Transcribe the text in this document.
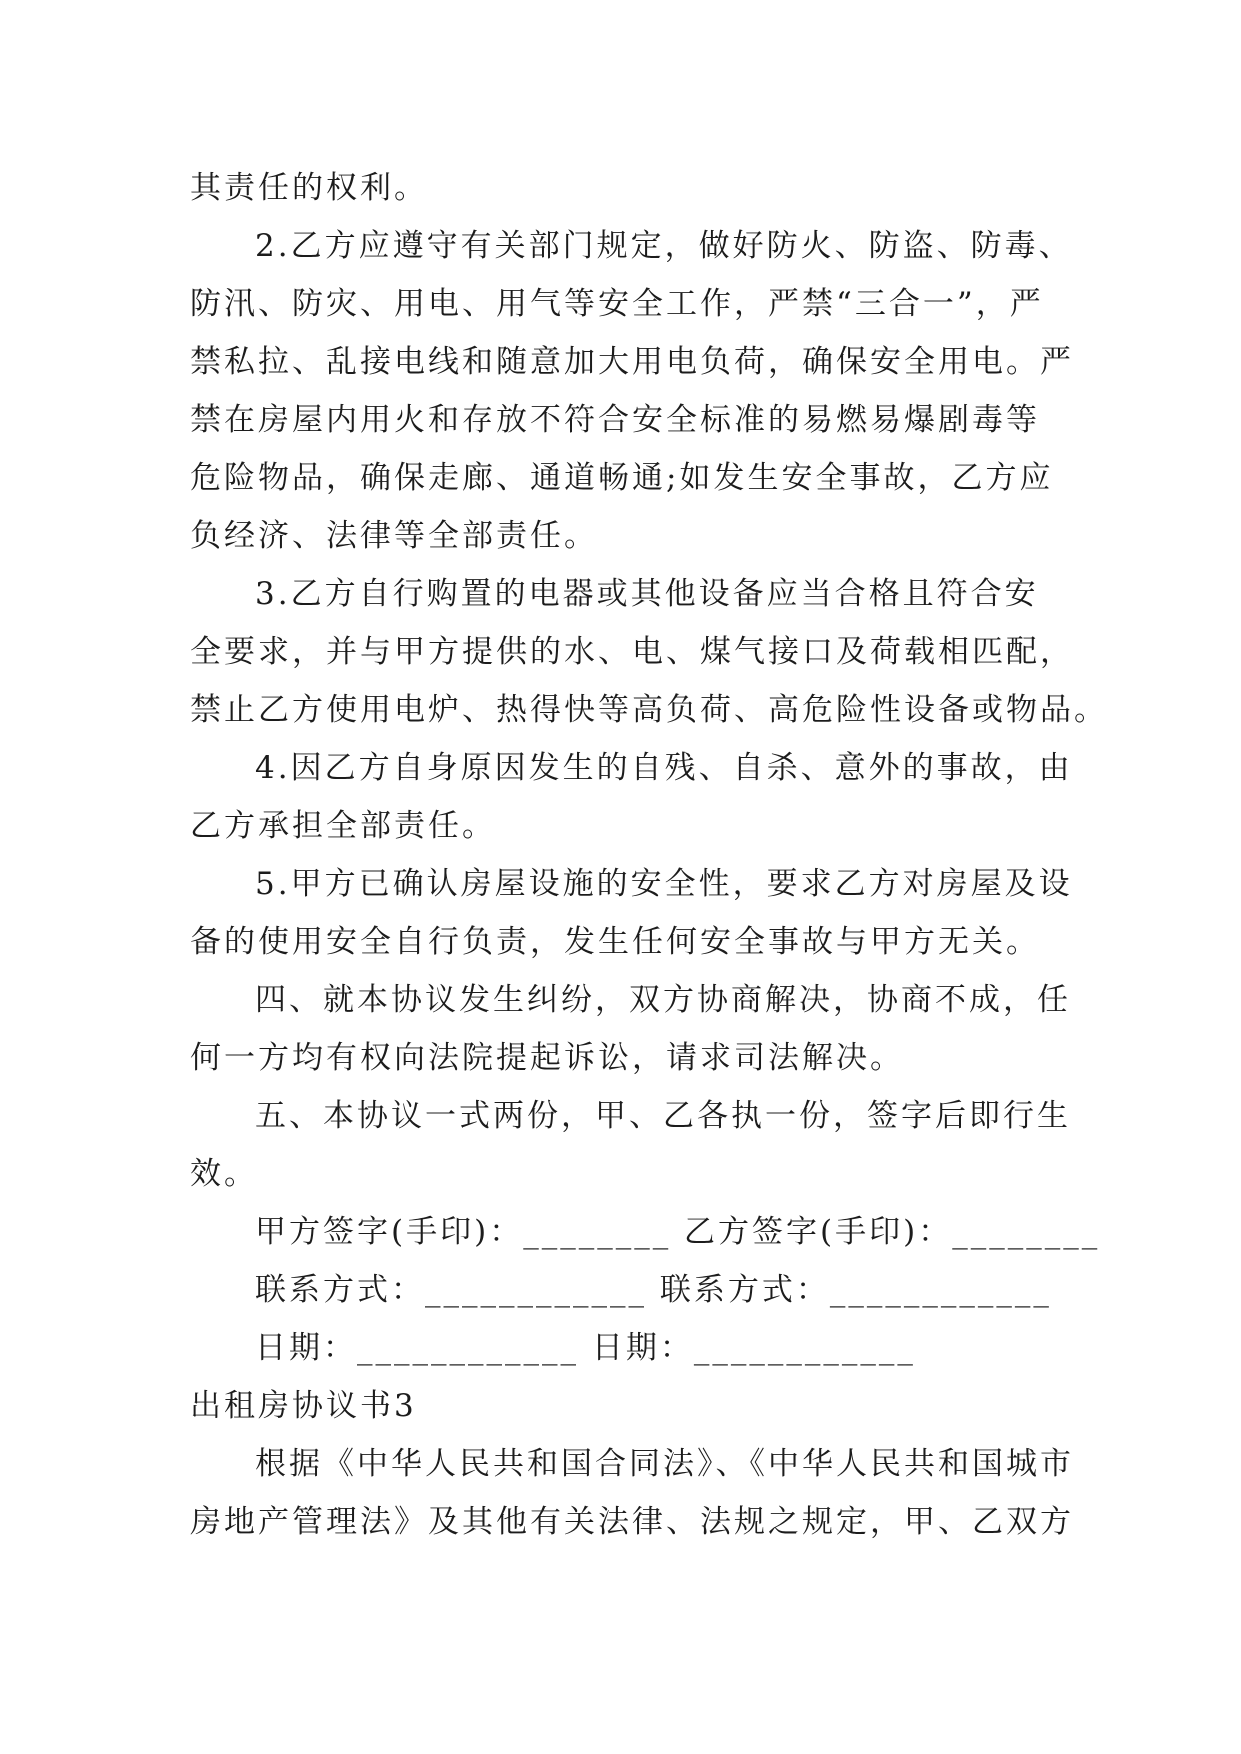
其责任的权利。
2.乙方应遵守有关部门规定，做好防火、防盗、防毒、
防汛、防灾、用电、用气等安全工作，严禁“三合一”，严
禁私拉、乱接电线和随意加大用电负荷，确保安全用电。严
禁在房屋内用火和存放不符合安全标准的易燃易爆剧毒等
危险物品，确保走廊、通道畅通;如发生安全事故，乙方应
负经济、法律等全部责任。
3.乙方自行购置的电器或其他设备应当合格且符合安
全要求，并与甲方提供的水、电、煤气接口及荷载相匹配，
禁止乙方使用电炉、热得快等高负荷、高危险性设备或物品。
4.因乙方自身原因发生的自残、自杀、意外的事故，由
乙方承担全部责任。
5.甲方已确认房屋设施的安全性，要求乙方对房屋及设
备的使用安全自行负责，发生任何安全事故与甲方无关。
四、就本协议发生纠纷，双方协商解决，协商不成，任
何一方均有权向法院提起诉讼，请求司法解决。
五、本协议一式两份，甲、乙各执一份，签字后即行生
效。
甲方签字(手印)：________ 乙方签字(手印)：________
联系方式：____________ 联系方式：____________
日期：____________ 日期：____________
出租房协议书3
根据《中华人民共和国合同法》、《中华人民共和国城市
房地产管理法》及其他有关法律、法规之规定，甲、乙双方
